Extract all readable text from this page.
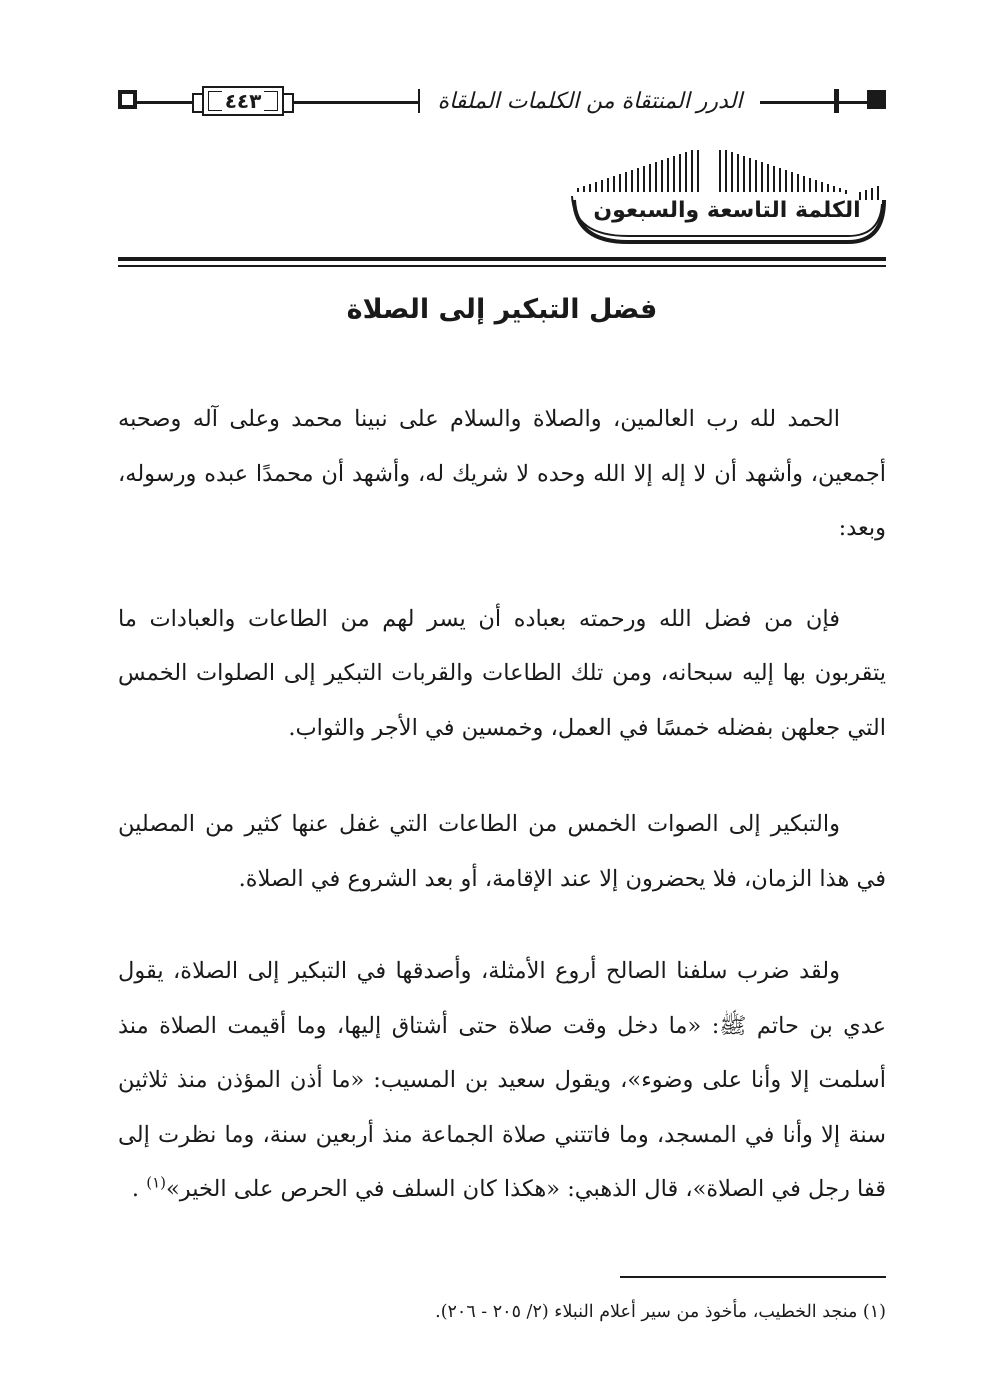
٤٤٣	الدرر المنتقاة من الكلمات الملقاة
الكلمة التاسعة والسبعون
فضل التبكير إلى الصلاة

الحمد لله رب العالمين، والصلاة والسلام على نبينا محمد وعلى آله وصحبه أجمعين، وأشهد أن لا إله إلا الله وحده لا شريك له، وأشهد أن محمدًا عبده ورسوله، وبعد:

فإن من فضل الله ورحمته بعباده أن يسر لهم من الطاعات والعبادات ما يتقربون بها إليه سبحانه، ومن تلك الطاعات والقربات التبكير إلى الصلوات الخمس التي جعلهن بفضله خمسًا في العمل، وخمسين في الأجر والثواب.

والتبكير إلى الصوات الخمس من الطاعات التي غفل عنها كثير من المصلين في هذا الزمان، فلا يحضرون إلا عند الإقامة، أو بعد الشروع في الصلاة.

ولقد ضرب سلفنا الصالح أروع الأمثلة، وأصدقها في التبكير إلى الصلاة، يقول عدي بن حاتم ﷺ: «ما دخل وقت صلاة حتى أشتاق إليها، وما أقيمت الصلاة منذ أسلمت إلا وأنا على وضوء»، ويقول سعيد بن المسيب: «ما أذن المؤذن منذ ثلاثين سنة إلا وأنا في المسجد، وما فاتتني صلاة الجماعة منذ أربعين سنة، وما نظرت إلى قفا رجل في الصلاة»، قال الذهبي: «هكذا كان السلف في الحرص على الخير»$^{(١)}$ .

(١) منجد الخطيب، مأخوذ من سير أعلام النبلاء (٢/ ٢٠٥ - ٢٠٦).
